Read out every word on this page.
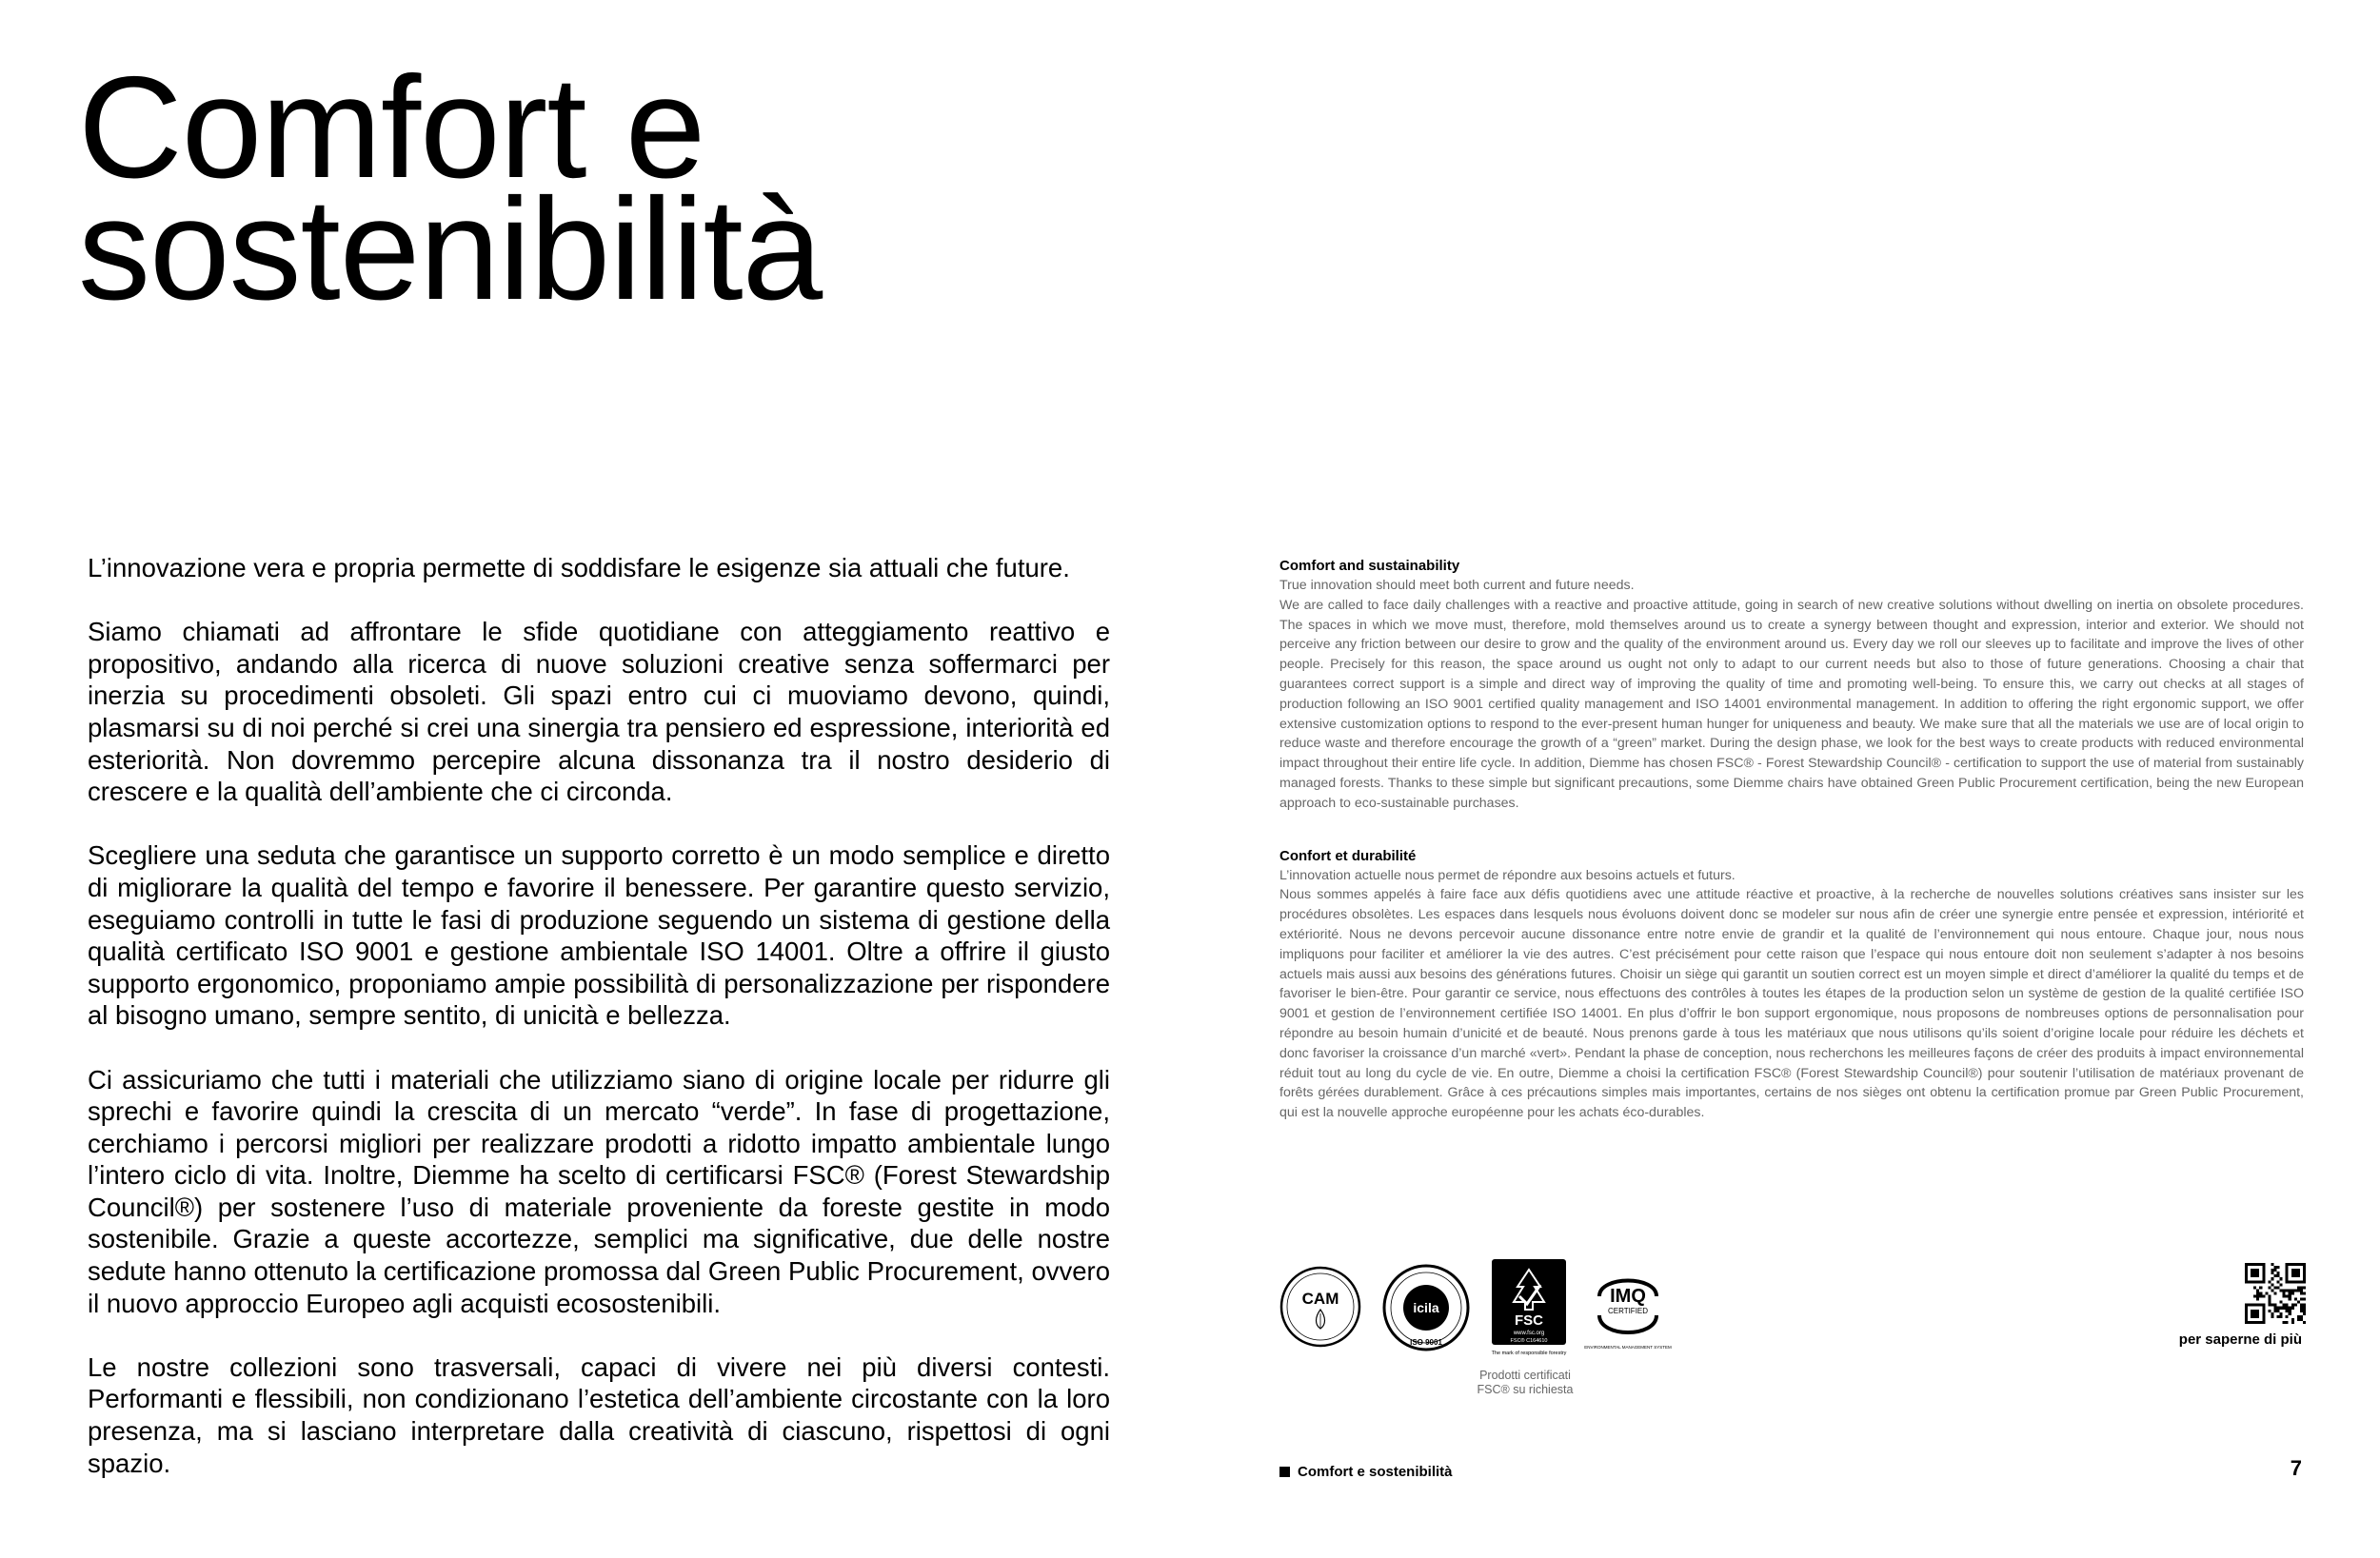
Comfort e
sostenibilità

L’innovazione vera e propria permette di soddisfare le esigenze sia attuali che future.

Siamo chiamati ad affrontare le sfide quotidiane con atteggiamento reattivo e propositivo, andando alla ricerca di nuove soluzioni creative senza soffermarci per inerzia su procedimenti obsoleti. Gli spazi entro cui ci muoviamo devono, quindi, plasmarsi su di noi perché si crei una sinergia tra pensiero ed espressione, interiorità ed esteriorità. Non dovremmo percepire alcuna dissonanza tra il nostro desiderio di crescere e la qualità dell’ambiente che ci circonda.

Scegliere una seduta che garantisce un supporto corretto è un modo semplice e diretto di migliorare la qualità del tempo e favorire il benessere. Per garantire questo servizio, eseguiamo controlli in tutte le fasi di produzione seguendo un sistema di gestione della qualità certificato ISO 9001 e gestione ambientale ISO 14001. Oltre a offrire il giusto supporto ergonomico, proponiamo ampie possibilità di personalizzazione per rispondere al bisogno umano, sempre sentito, di unicità e bellezza.

Ci assicuriamo che tutti i materiali che utilizziamo siano di origine locale per ridurre gli sprechi e favorire quindi la crescita di un mercato “verde”. In fase di progettazione, cerchiamo i percorsi migliori per realizzare prodotti a ridotto impatto ambientale lungo l’intero ciclo di vita. Inoltre, Diemme ha scelto di certificarsi FSC® (Forest Stewardship Council®) per sostenere l’uso di materiale proveniente da foreste gestite in modo sostenibile. Grazie a queste accortezze, semplici ma significative, due delle nostre sedute hanno ottenuto la certificazione promossa dal Green Public Procurement, ovvero il nuovo approccio Europeo agli acquisti ecosostenibili.

Le nostre collezioni sono trasversali, capaci di vivere nei più diversi contesti. Performanti e flessibili, non condizionano l’estetica dell’ambiente circostante con la loro presenza, ma si lasciano interpretare dalla creatività di ciascuno, rispettosi di ogni spazio.

Comfort and sustainability

True innovation should meet both current and future needs.

We are called to face daily challenges with a reactive and proactive attitude, going in search of new creative solutions without dwelling on inertia on obsolete procedures. The spaces in which we move must, therefore, mold themselves around us to create a synergy between thought and expression, interior and exterior. We should not perceive any friction between our desire to grow and the quality of the environment around us. Every day we roll our sleeves up to facilitate and improve the lives of other people. Precisely for this reason, the space around us ought not only to adapt to our current needs but also to those of future generations. Choosing a chair that guarantees correct support is a simple and direct way of improving the quality of time and promoting well-being. To ensure this, we carry out checks at all stages of production following an ISO 9001 certified quality management and ISO 14001 environmental management. In addition to offering the right ergonomic support, we offer extensive customization options to respond to the ever-present human hunger for uniqueness and beauty. We make sure that all the materials we use are of local origin to reduce waste and therefore encourage the growth of a “green” market. During the design phase, we look for the best ways to create products with reduced environmental impact throughout their entire life cycle. In addition, Diemme has chosen FSC® - Forest Stewardship Council® - certification to support the use of material from sustainably managed forests. Thanks to these simple but significant precautions, some Diemme chairs have obtained Green Public Procurement certification, being the new European approach to eco-sustainable purchases.

Confort et durabilité

L’innovation actuelle nous permet de répondre aux besoins actuels et futurs.

Nous sommes appelés à faire face aux défis quotidiens avec une attitude réactive et proactive, à la recherche de nouvelles solutions créatives sans insister sur les procédures obsolètes. Les espaces dans lesquels nous évoluons doivent donc se modeler sur nous afin de créer une synergie entre pensée et expression, intériorité et extériorité. Nous ne devons percevoir aucune dissonance entre notre envie de grandir et la qualité de l’environnement qui nous entoure. Chaque jour, nous nous impliquons pour faciliter et améliorer la vie des autres. C’est précisément pour cette raison que l’espace qui nous entoure doit non seulement s’adapter à nos besoins actuels mais aussi aux besoins des générations futures. Choisir un siège qui garantit un soutien correct est un moyen simple et direct d’améliorer la qualité du temps et de favoriser le bien-être. Pour garantir ce service, nous effectuons des contrôles à toutes les étapes de la production selon un système de gestion de la qualité certifiée ISO 9001 et gestion de l’environnement certifiée ISO 14001. En plus d’offrir le bon support ergonomique, nous proposons de nombreuses options de personnalisation pour répondre au besoin humain d’unicité et de beauté. Nous prenons garde à tous les matériaux que nous utilisons qu’ils soient d’origine locale pour réduire les déchets et donc favoriser la croissance d’un marché «vert». Pendant la phase de conception, nous recherchons les meilleures façons de créer des produits à impact environnemental réduit tout au long du cycle de vie. En outre, Diemme a choisi la certification FSC® (Forest Stewardship Council®) pour soutenir l’utilisation de matériaux provenant de forêts gérées durablement. Grâce à ces précautions simples mais importantes, certains de nos sièges ont obtenu la certification promue par Green Public Procurement, qui est la nouvelle approche européenne pour les achats éco-durables.

CAM	icila
ISO 9001
FSC
www.fsc.org
FSC® C164610
The mark of responsible forestry
IMQ
CERTIFIED
ENVIRONMENTAL MANAGEMENT SYSTEM
Prodotti certificati
FSC® su richiesta
per saperne di più
Comfort e sostenibilità	7
